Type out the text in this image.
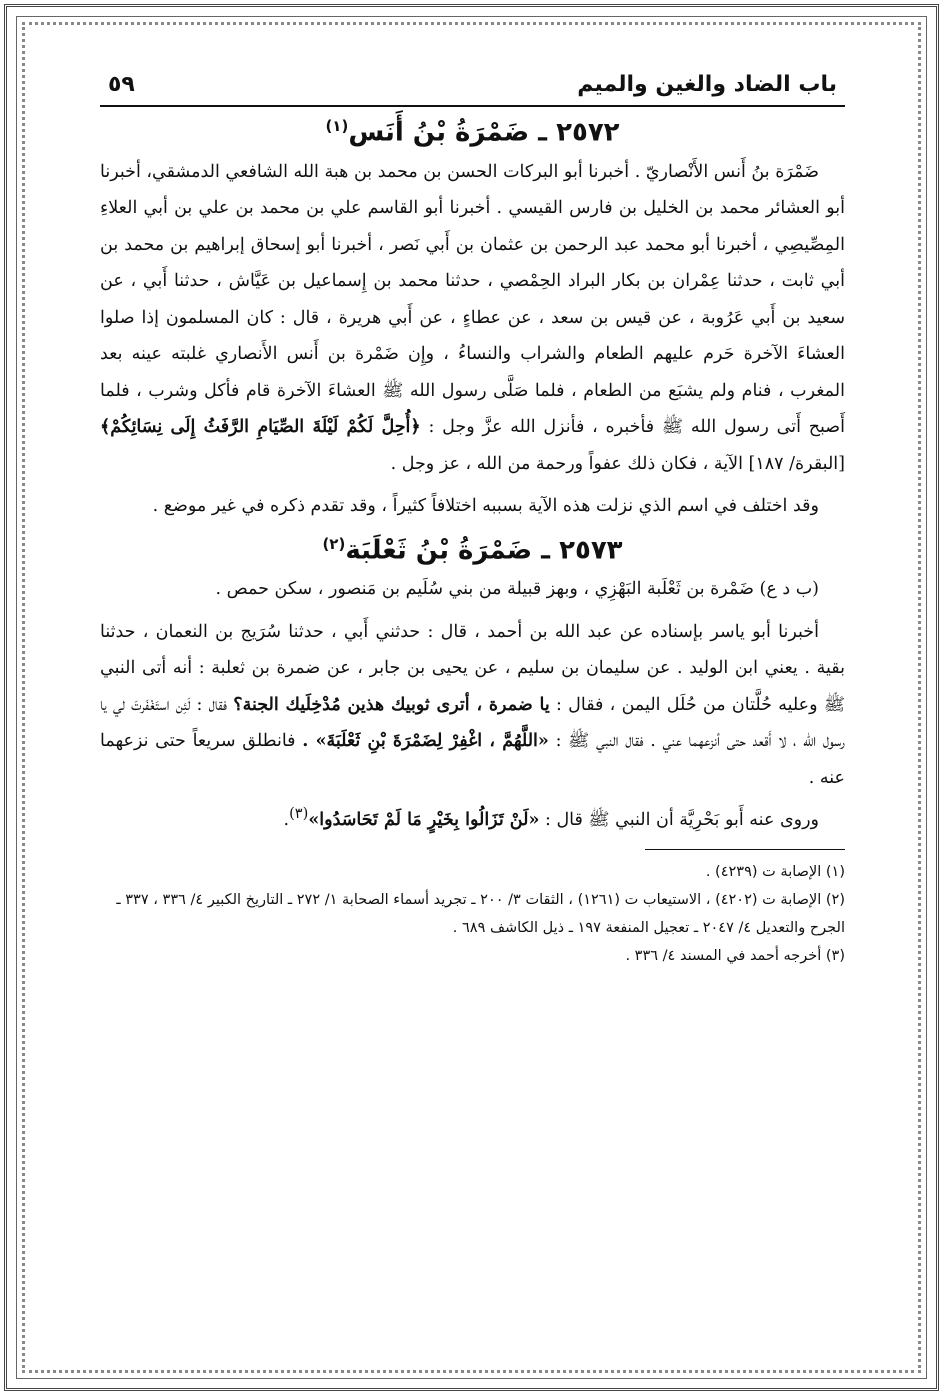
باب الضاد والغين والميم
٥٩
٢٥٧٢ ـ ضَمْرَةُ بْنُ أَنَس$^{(١)}$

ضَمْرَة بنُ أَنس الأَنْصاريّ . أخبرنا أبو البركات الحسن بن محمد بن هبة الله الشافعي الدمشقي، أخبرنا أبو العشائر محمد بن الخليل بن فارس القيسي . أخبرنا أبو القاسم علي بن محمد بن علي بن أبي العلاءِ المِصِّيصِي ، أخبرنا أبو محمد عبد الرحمن بن عثمان بن أَبي نَصر ، أخبرنا أبو إسحاق إبراهيم بن محمد بن أبي ثابت ، حدثنا عِمْران بن بكار البراد الحِمْصي ، حدثنا محمد بن إِسماعيل بن عَيَّاش ، حدثنا أَبي ، عن سعيد بن أَبي عَرُوبة ، عن قيس بن سعد ، عن عطاءٍ ، عن أَبي هريرة ، قال : كان المسلمون إذا صلوا العشاءَ الآخرة حَرم عليهم الطعام والشراب والنساءُ ، وإِن ضَمْرة بن أَنس الأَنصاري غلبته عينه بعد المغرب ، فنام ولم يشبَع من الطعام ، فلما صَلَّى رسول الله ﷺ العشاءَ الآخرة قام فأكل وشرب ، فلما أَصبح أَتى رسول الله ﷺ فأخبره ، فأنزل الله عزَّ وجل : ﴿أُحِلَّ لَكُمْ لَيْلَةَ الصِّيَامِ الرَّفَثُ إِلَى نِسَائِكُمْ﴾ [البقرة/ ١٨٧] الآية ، فكان ذلك عفواً ورحمة من الله ، عز وجل .

وقد اختلف في اسم الذي نزلت هذه الآية بسببه اختلافاً كثيراً ، وقد تقدم ذكره في غير موضع .

٢٥٧٣ ـ ضَمْرَةُ بْنُ ثَعْلَبَة$^{(٢)}$

(ب د ع) ضَمْرة بن ثَعْلَبة البَهْزِي ، وبهز قبيلة من بني سُلَيم بن مَنصور ، سكن حمص .

أخبرنا أبو ياسر بإسناده عن عبد الله بن أحمد ، قال : حدثني أَبي ، حدثنا سُرَيج بن النعمان ، حدثنا بقية . يعني ابن الوليد . عن سليمان بن سليم ، عن يحيى بن جابر ، عن ضمرة بن ثعلبة : أنه أتى النبي ﷺ وعليه حُلَّتان من حُلَل اليمن ، فقال : يا ضمرة ، أترى ثوبيك هذين مُدْخِلَيك الجنة؟ فقال : لَئِن استَغْفَرتَ لي يا رسول الله ، لا أَقعد حتى أنزعهما عني . فقال النبي ﷺ : «اللَّهُمَّ ، اغْفِرْ لِضَمْرَةَ بْنِ ثَعْلَبَةَ» . فانطلق سريعاً حتى نزعهما عنه .

وروى عنه أَبو بَحْرِيَّة أن النبي ﷺ قال : «لَنْ تَزَالُوا بِخَيْرٍ مَا لَمْ تَحَاسَدُوا»$^{(٣)}$.

(١) الإصابة ت (٤٢٣٩) .
(٢) الإصابة ت (٤٢٠٢) ، الاستيعاب ت (١٢٦١) ، الثقات ٣/ ٢٠٠ ـ تجريد أسماء الصحابة ١/ ٢٧٢ ـ التاريخ الكبير ٤/ ٣٣٦ ، ٣٣٧ ـ الجرح والتعديل ٤/ ٢٠٤٧ ـ تعجيل المنفعة ١٩٧ ـ ذيل الكاشف ٦٨٩ .
(٣) أخرجه أحمد في المسند ٤/ ٣٣٦ .
